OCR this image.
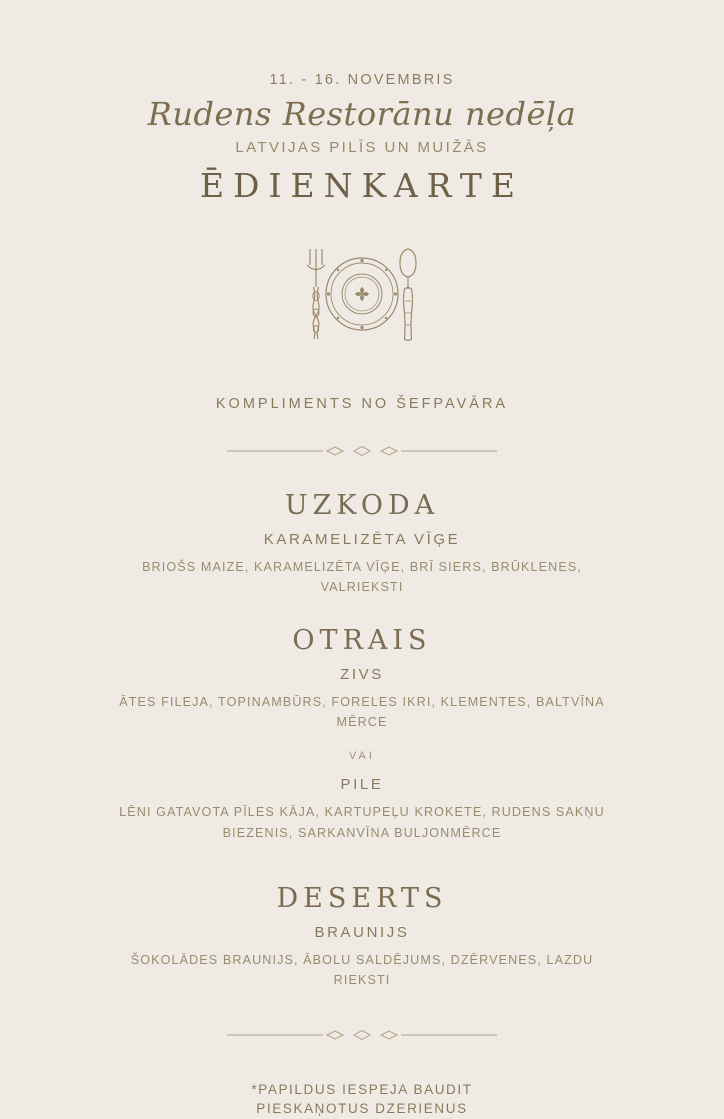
11. - 16. NOVEMBRIS
Rudens Restorānu nedēļa
LATVIJAS PILĪS UN MUIŽĀS
ĒDIENKARTE
KOMPLIMENTS NO ŠEFPAVĀRA
UZKODA
KARAMELIZĒTA VĪĢE
BRIOŠS MAIZE, KARAMELIZĒTA VĪĢE, BRĪ SIERS, BRŪKLENES, VALRIEKSTI
OTRAIS
ZIVS
ĀTES FILEJA, TOPINAMBŪRS, FORELES IKRI, KLEMENTES, BALTVĪNA MĒRCE
VAI
PILE
LĒNI GATAVOTA PĪLES KĀJA, KARTUPEĻU KROKETE, RUDENS SAKŅU BIEZENIS, SARKANVĪNA BULJONMĒRCE
DESERTS
BRAUNIJS
ŠOKOLĀDES BRAUNIJS, ĀBOLU SALDĒJUMS, DZĒRVENES, LAZDU RIEKSTI
*PAPILDUS IESPEJA BAUDIT
PIESKAŅOTUS DZERIENUS
